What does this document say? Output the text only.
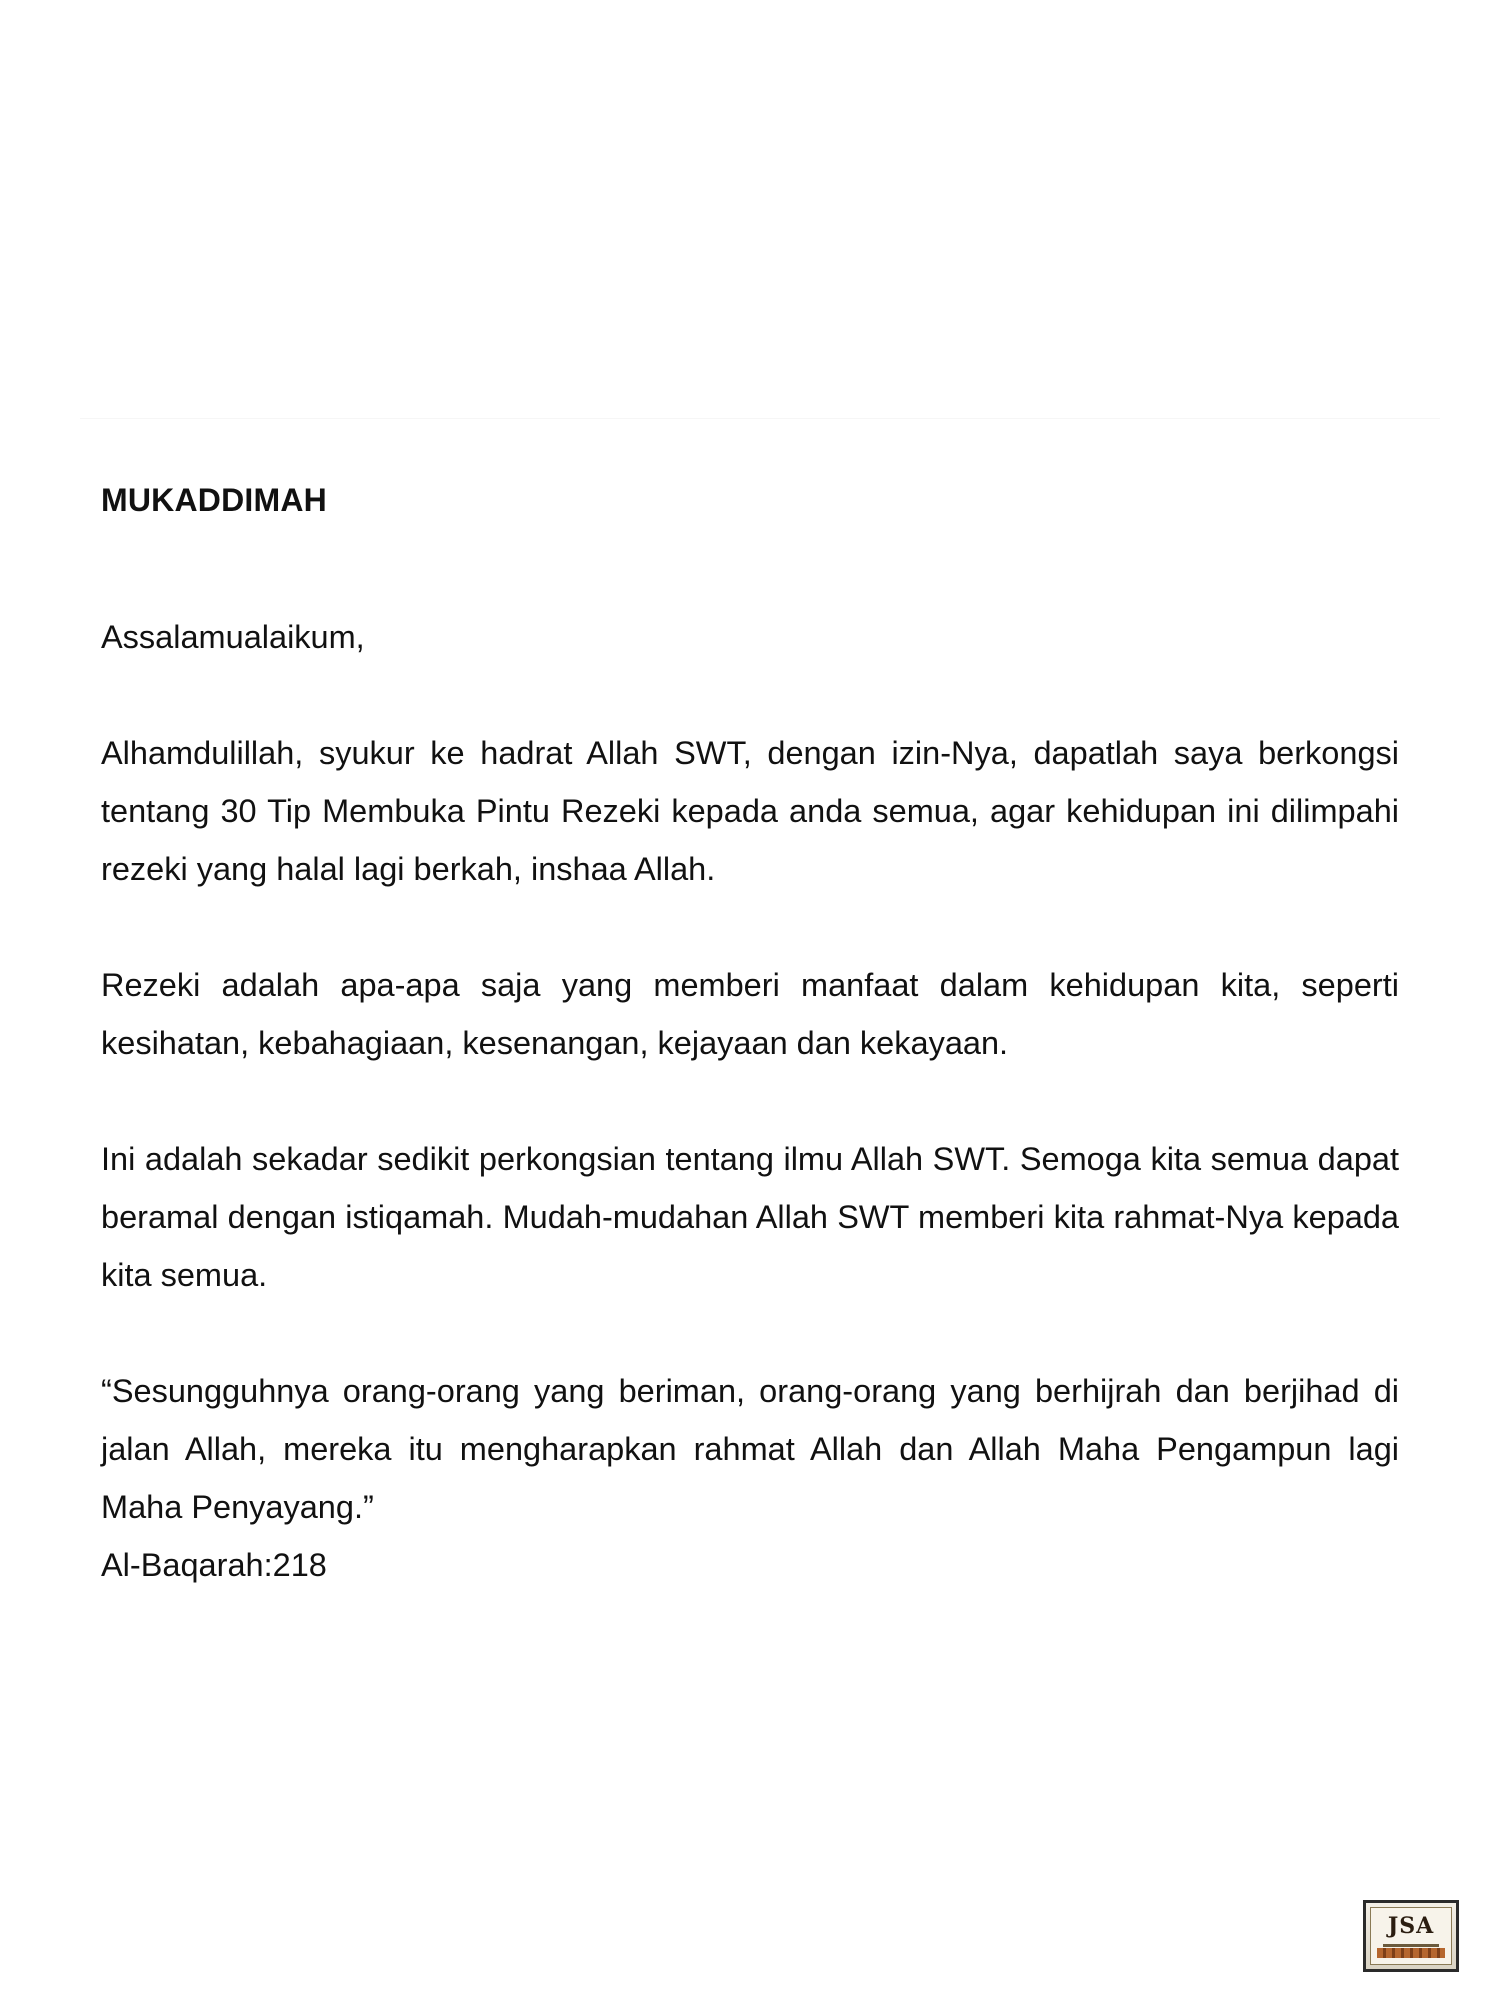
MUKADDIMAH

Assalamualaikum,

Alhamdulillah, syukur ke hadrat Allah SWT, dengan izin-Nya, dapatlah saya berkongsi tentang 30 Tip Membuka Pintu Rezeki kepada anda semua, agar kehidupan ini dilimpahi rezeki yang halal lagi berkah, inshaa Allah.

Rezeki adalah apa-apa saja yang memberi manfaat dalam kehidupan kita, seperti kesihatan, kebahagiaan, kesenangan, kejayaan dan kekayaan.

Ini adalah sekadar sedikit perkongsian tentang ilmu Allah SWT. Semoga kita semua dapat beramal dengan istiqamah. Mudah-mudahan Allah SWT memberi kita rahmat-Nya kepada kita semua.

“Sesungguhnya orang-orang yang beriman, orang-orang yang berhijrah dan berjihad di jalan Allah, mereka itu mengharapkan rahmat Allah dan Allah Maha Pengampun lagi Maha Penyayang.”

Al-Baqarah:218

JSA
